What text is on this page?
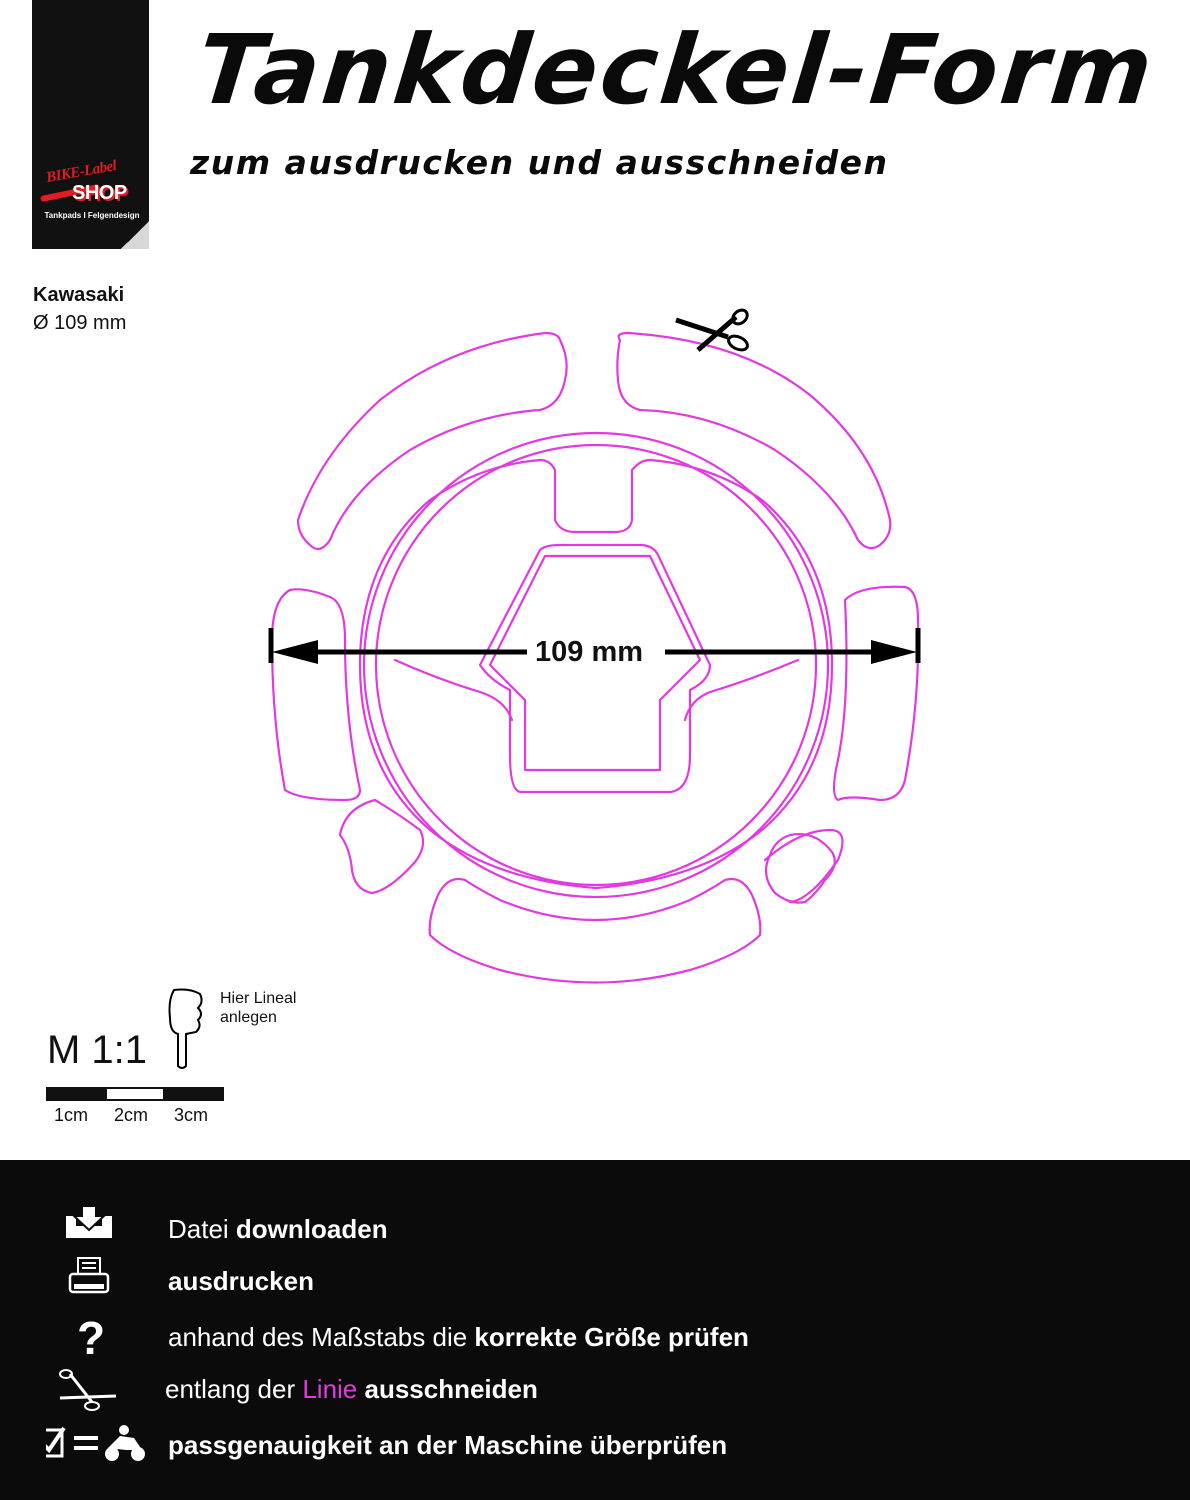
BIKE-Label
SHOP
Tankpads I Felgendesign
Tankdeckel-Form
zum ausdrucken und ausschneiden
Kawasaki
Ø 109 mm
109 mm
M 1:1
Hier Lineal
anlegen
1cm 2cm 3cm
Datei downloaden
ausdrucken
? anhand des Maßstabs die korrekte Größe prüfen
entlang der Linie ausschneiden
passgenauigkeit an der Maschine überprüfen
